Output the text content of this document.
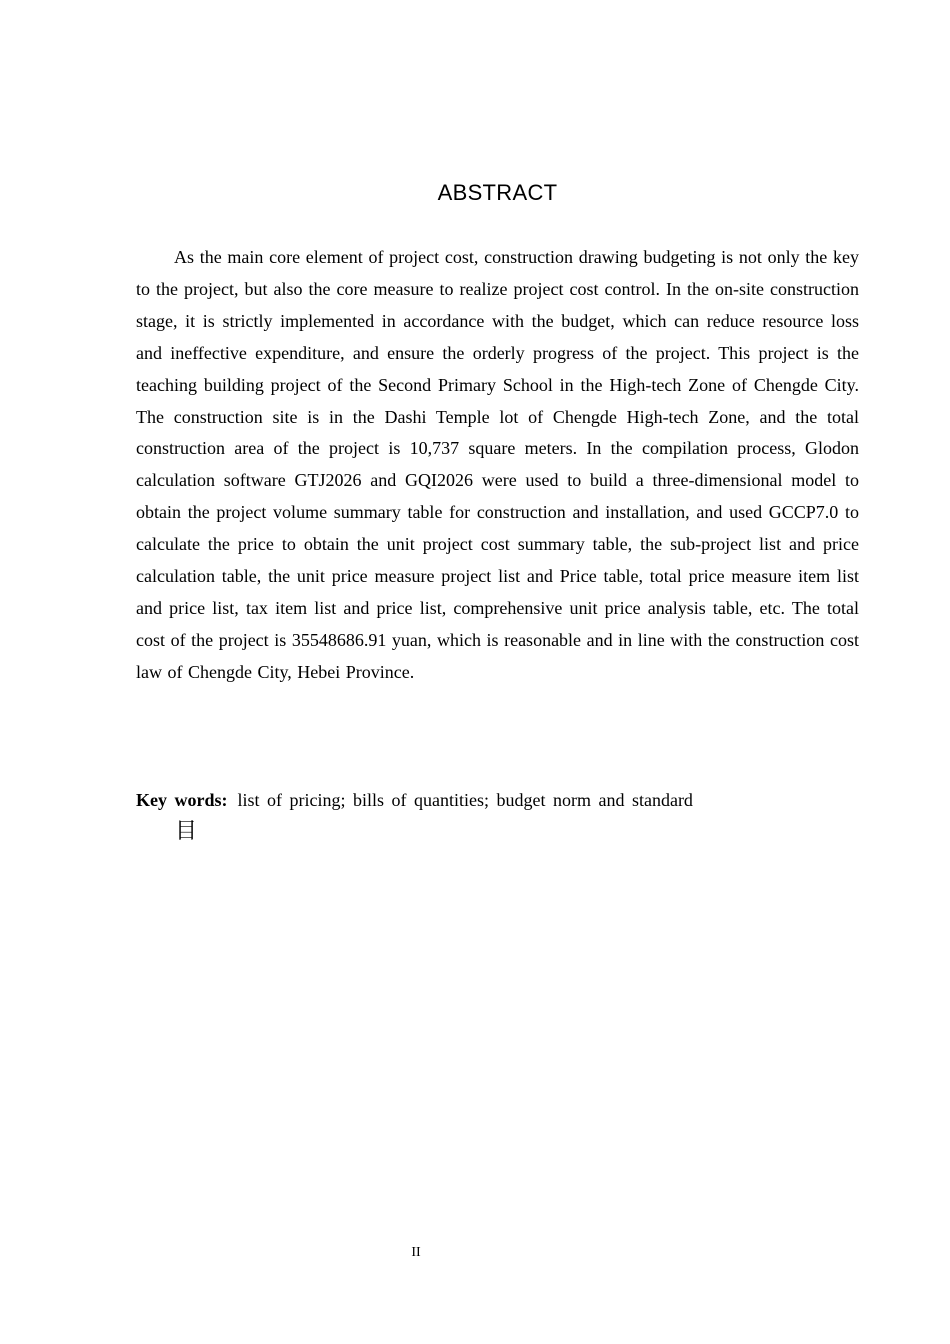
ABSTRACT

As the main core element of project cost, construction drawing budgeting is not only the key to the project, but also the core measure to realize project cost control. In the on-site construction stage, it is strictly implemented in accordance with the budget, which can reduce resource loss and ineffective expenditure, and ensure the orderly progress of the project. This project is the teaching building project of the Second Primary School in the High-tech Zone of Chengde City. The construction site is in the Dashi Temple lot of Chengde High-tech Zone, and the total construction area of the project is 10,737 square meters. In the compilation process, Glodon calculation software GTJ2026 and GQI2026 were used to build a three-dimensional model to obtain the project volume summary table for construction and installation, and used GCCP7.0 to calculate the price to obtain the unit project cost summary table, the sub-project list and price calculation table, the unit price measure project list and Price table, total price measure item list and price list, tax item list and price list, comprehensive unit price analysis table, etc. The total cost of the project is 35548686.91 yuan, which is reasonable and in line with the construction cost law of Chengde City, Hebei Province.

Key words: list of pricing; bills of quantities; budget norm and standard
目
II
